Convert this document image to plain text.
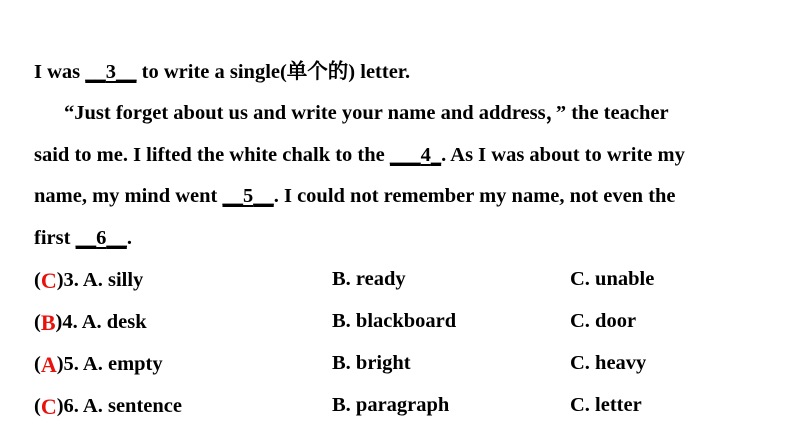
I was __3__ to write a single(单个的) letter.
“Just forget about us and write your name and address，” the teacher
said to me. I lifted the white chalk to the ___4_. As I was about to write my
name, my mind went __5__. I could not remember my name, not even the
first __6__.
(C)3. A. silly	B. ready	C. unable
(B)4. A. desk	B. blackboard	C. door
(A)5. A. empty	B. bright	C. heavy
(C)6. A. sentence	B. paragraph	C. letter
